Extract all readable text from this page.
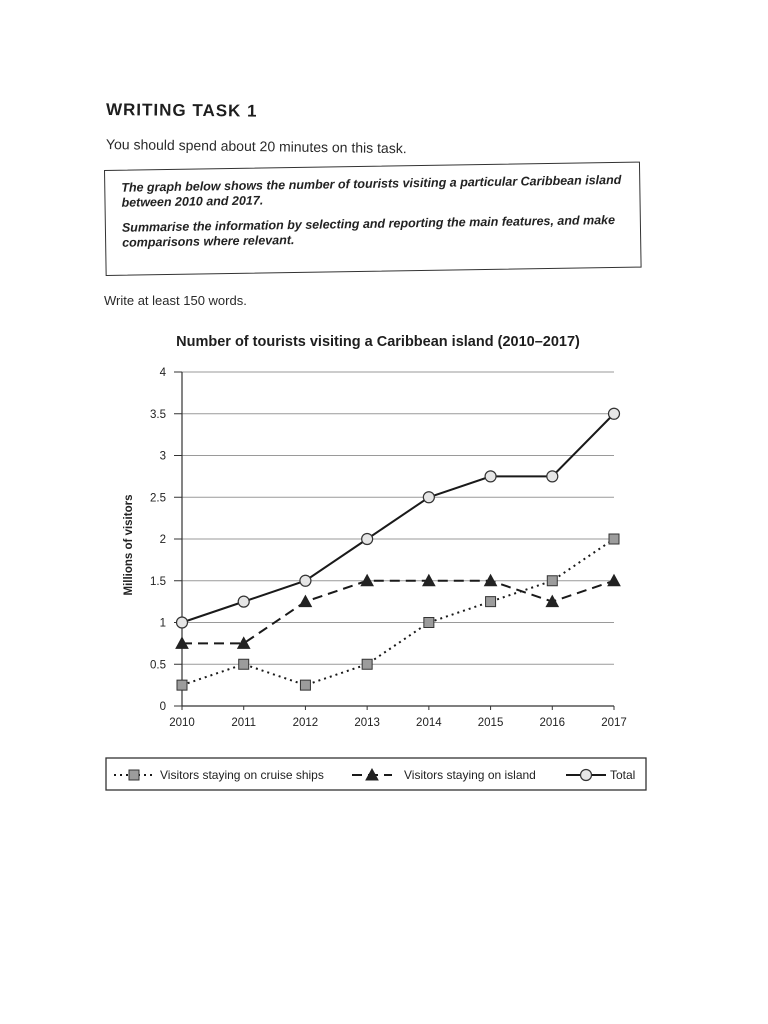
WRITING TASK 1
You should spend about 20 minutes on this task.

The graph below shows the number of tourists visiting a particular Caribbean island between 2010 and 2017.

Summarise the information by selecting and reporting the main features, and make comparisons where relevant.

Write at least 150 words.
Number of tourists visiting a Caribbean island (2010–2017)
0
0.5
1
1.5
2
2.5
3
3.5
4
2010	2011	2012	2013	2014	2015	2016	2017
Millions of visitors
Visitors staying on cruise ships	Visitors staying on island	Total
